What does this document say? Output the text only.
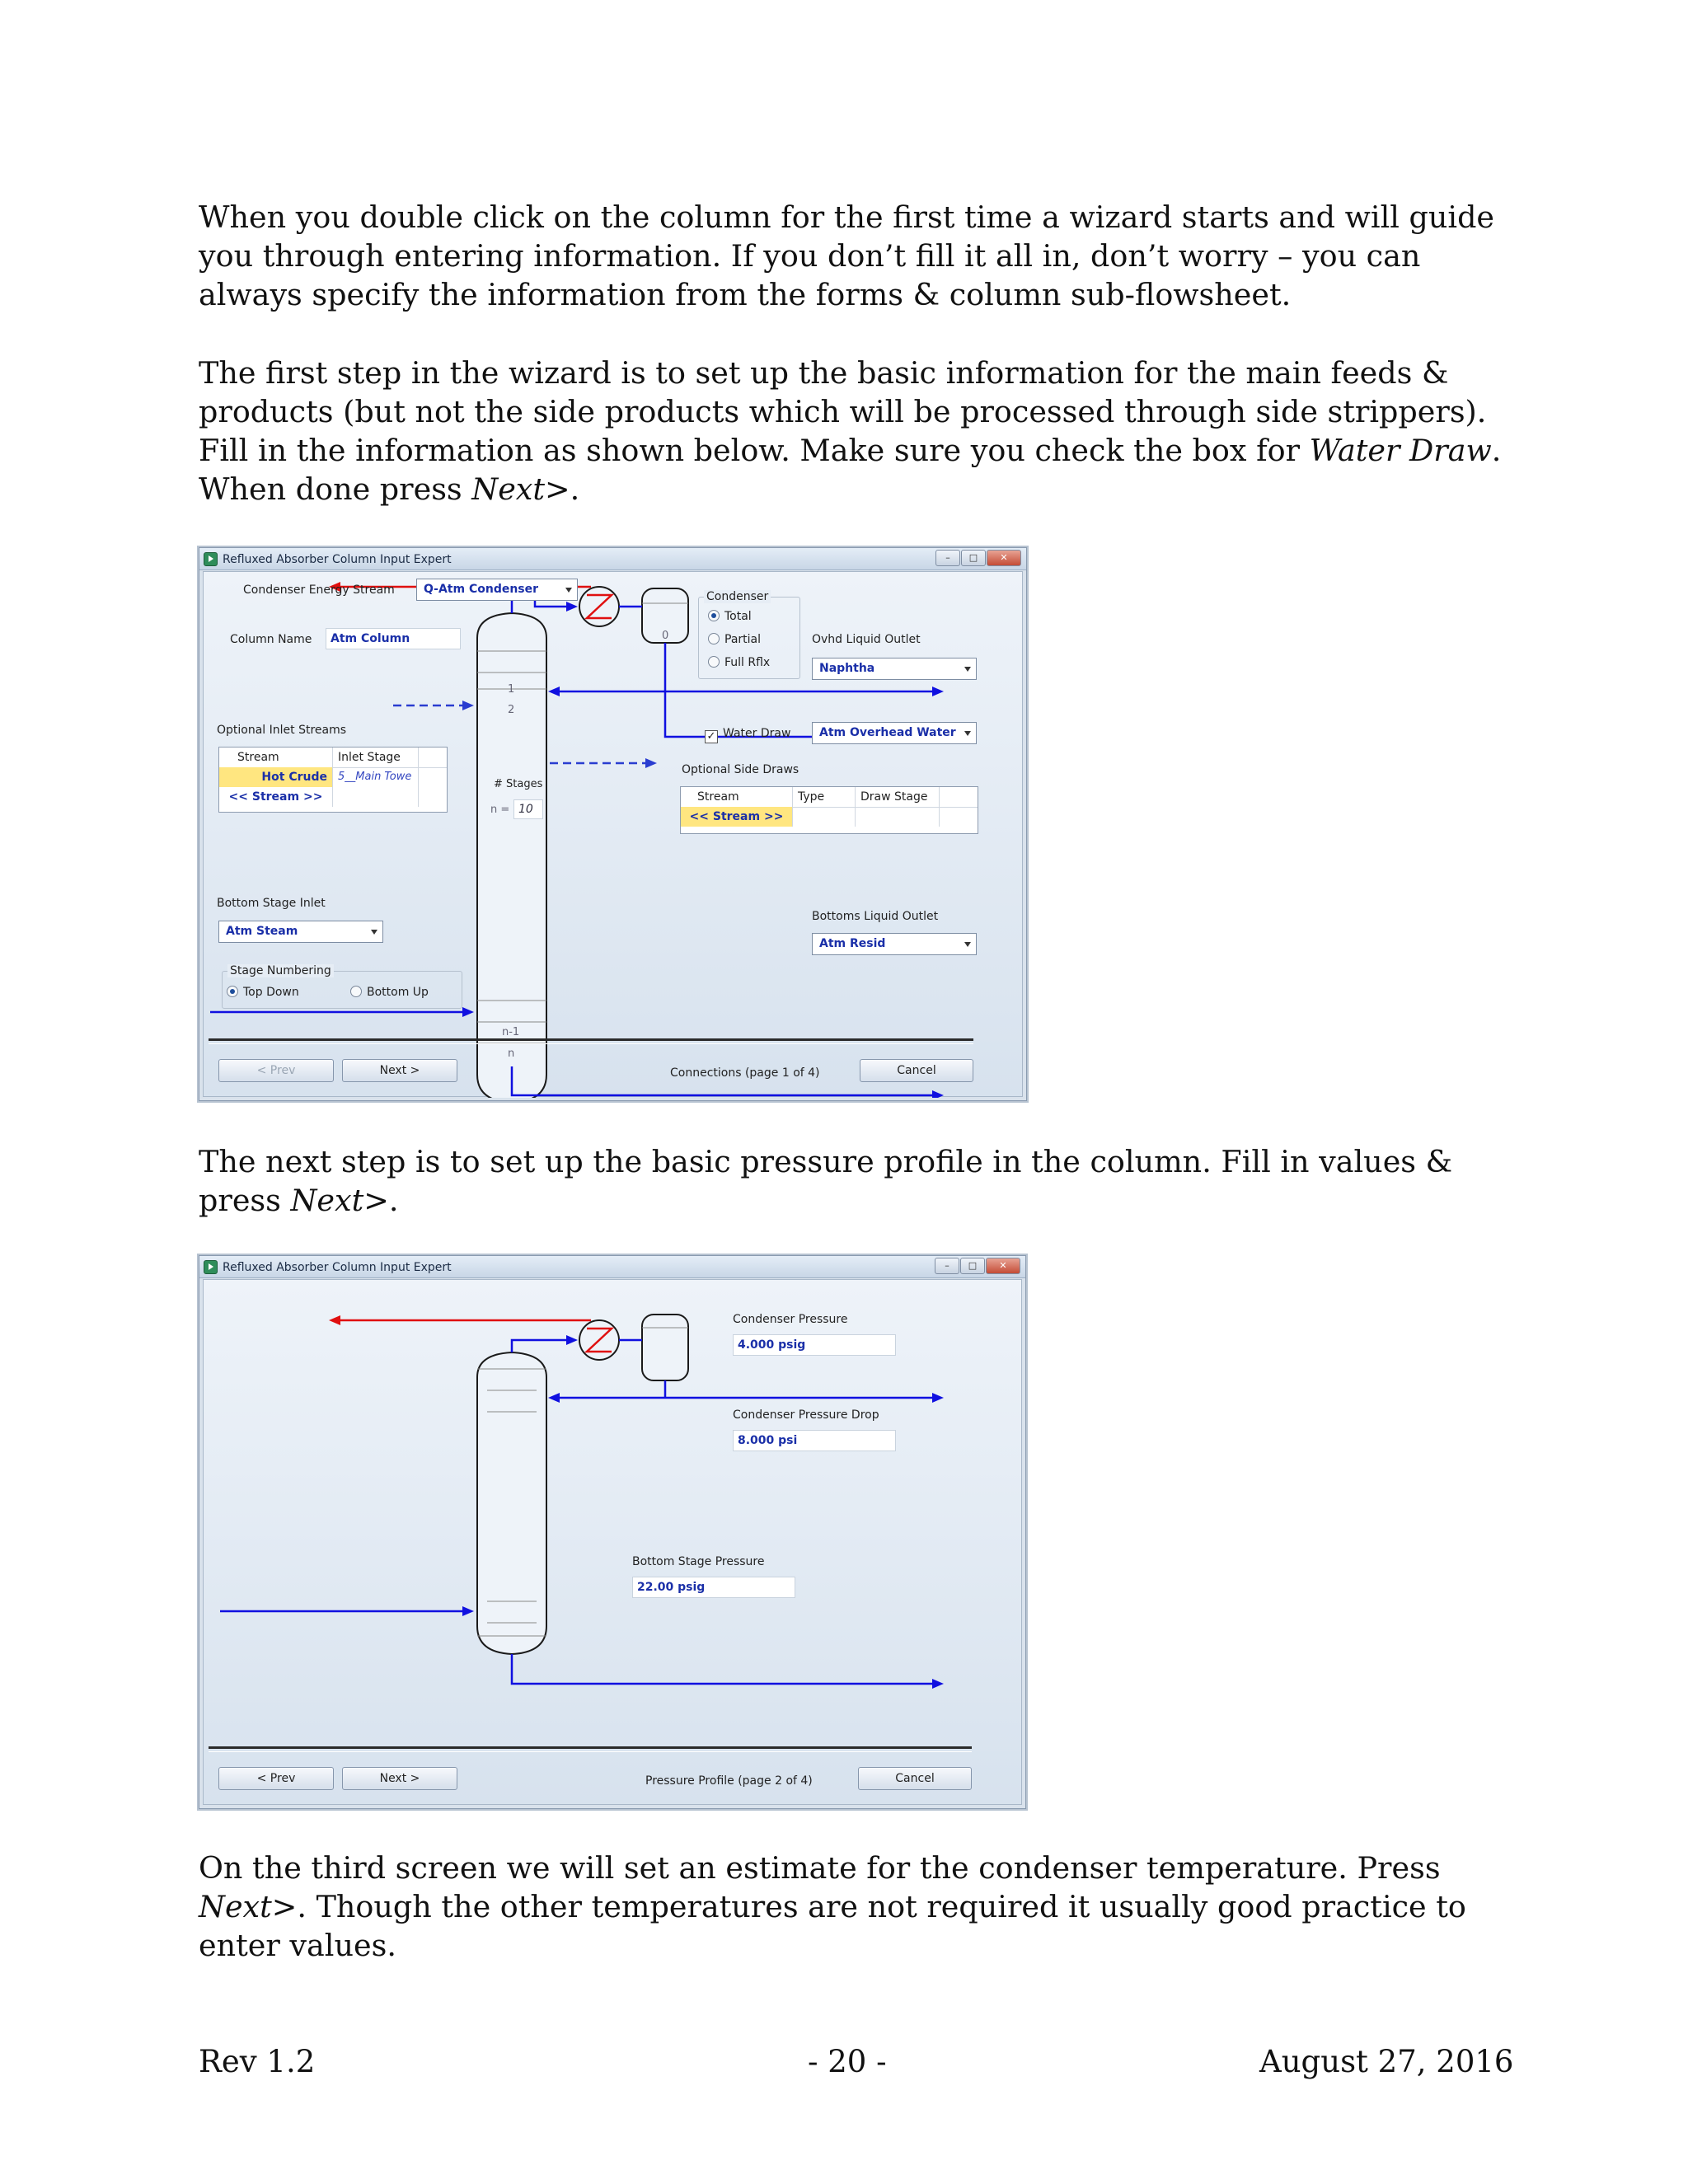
When you double click on the column for the first time a wizard starts and will guide you through entering information. If you don’t fill it all in, don’t worry – you can always specify the information from the forms & column sub-flowsheet.

The first step in the wizard is to set up the basic information for the main feeds & products (but not the side products which will be processed through side strippers). Fill in the information as shown below. Make sure you check the box for Water Draw. When done press Next>.

Refluxed Absorber Column Input Expert	–	□	✕
1
2
n-1
n
0
# Stages
n = 10
Condenser Energy Stream	Q-Atm Condenser
Column Name	Atm Column
Condenser
Total
Partial
Full Rflx
Ovhd Liquid Outlet
Naphtha
✓ Water Draw	Atm Overhead Water
Optional Inlet Streams
Stream	Inlet Stage
Hot Crude	5__Main Towe
<< Stream >>
Optional Side Draws
Stream	Type	Draw Stage
<< Stream >>
Bottom Stage Inlet
Atm Steam
Bottoms Liquid Outlet
Atm Resid
Stage Numbering
Top Down	Bottom Up
< Prev	Next >	Connections (page 1 of 4)	Cancel

The next step is to set up the basic pressure profile in the column. Fill in values & press Next>.

Refluxed Absorber Column Input Expert	–	□	✕
Condenser Pressure
4.000 psig
Condenser Pressure Drop
8.000 psi
Bottom Stage Pressure
22.00 psig
< Prev	Next >	Pressure Profile (page 2 of 4)	Cancel

On the third screen we will set an estimate for the condenser temperature. Press Next>. Though the other temperatures are not required it usually good practice to enter values.

Rev 1.2	- 20 -	August 27, 2016
